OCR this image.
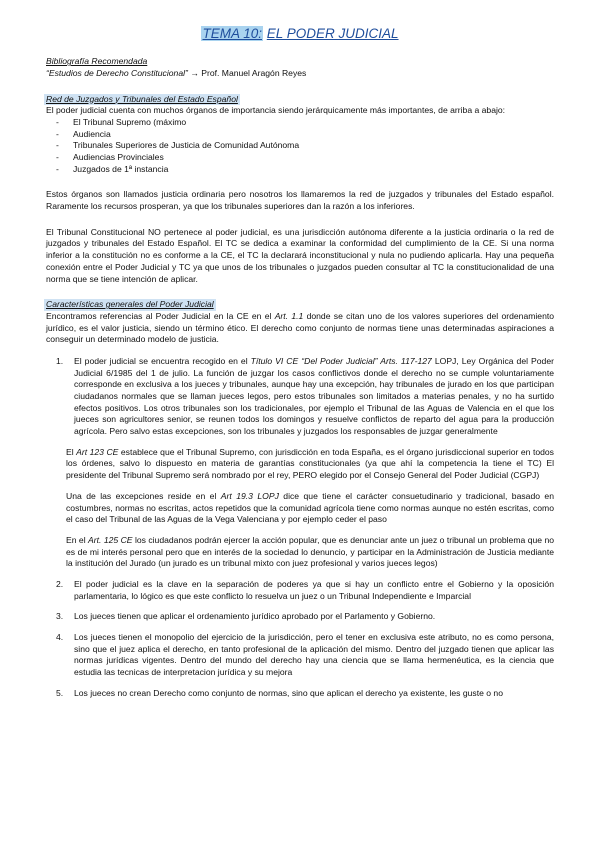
TEMA 10: EL PODER JUDICIAL

Bibliografía Recomendada

“Estudios de Derecho Constitucional” → Prof. Manuel Aragón Reyes

Red de Juzgados y Tribunales del Estado Español

El poder judicial cuenta con muchos órganos de importancia siendo jerárquicamente más importantes, de arriba a abajo:

- El Tribunal Supremo (máximo
- Audiencia
- Tribunales Superiores de Justicia de Comunidad Autónoma
- Audiencias Provinciales
- Juzgados de 1ª instancia

Estos órganos son llamados justicia ordinaria pero nosotros los llamaremos la red de juzgados y tribunales del Estado español. Raramente los recursos prosperan, ya que los tribunales superiores dan la razón a los inferiores.

El Tribunal Constitucional NO pertenece al poder judicial, es una jurisdicción autónoma diferente a la justicia ordinaria o la red de juzgados y tribunales del Estado Español. El TC se dedica a examinar la conformidad del cumplimiento de la CE. Si una norma inferior a la constitución no es conforme a la CE, el TC la declarará inconstitucional y nula no pudiendo aplicarla. Hay una pequeña conexión entre el Poder Judicial y TC ya que unos de los tribunales o juzgados pueden consultar al TC la constitucionalidad de una norma que se tiene intención de aplicar.

Características generales del Poder Judicial

Encontramos referencias al Poder Judicial en la CE en el Art. 1.1 donde se citan uno de los valores superiores del ordenamiento jurídico, es el valor justicia, siendo un término ético. El derecho como conjunto de normas tiene unas determinadas aspiraciones a conseguir un determinado modelo de justicia.

1. El poder judicial se encuentra recogido en el Título VI CE “Del Poder Judicial” Arts. 117-127 LOPJ, Ley Orgánica del Poder Judicial 6/1985 del 1 de julio. La función de juzgar los casos conflictivos donde el derecho no se cumple voluntariamente corresponde en exclusiva a los jueces y tribunales, aunque hay una excepción, hay tribunales de jurado en los que participan ciudadanos normales que se llaman jueces legos, pero estos tribunales son limitados a materias penales, y no ha surtido efectos positivos. Los otros tribunales son los tradicionales, por ejemplo el Tribunal de las Aguas de Valencia en el que los jueces son agricultores senior, se reunen todos los domingos y resuelve conflictos de reparto del agua para la producción agrícola. Pero salvo estas excepciones, son los tribunales y juzgados los responsables de juzgar generalmente

El Art 123 CE establece que el Tribunal Supremo, con jurisdicción en toda España, es el órgano jurisdiccional superior en todos los órdenes, salvo lo dispuesto en materia de garantías constitucionales (ya que ahí la competencia la tiene el TC) El presidente del Tribunal Supremo será nombrado por el rey, PERO elegido por el Consejo General del Poder Judicial (CGPJ)

Una de las excepciones reside en el Art 19.3 LOPJ dice que tiene el carácter consuetudinario y tradicional, basado en costumbres, normas no escritas, actos repetidos que la comunidad agrícola tiene como normas aunque no estén escritas, como el caso del Tribunal de las Aguas de la Vega Valenciana y por ejemplo ceder el paso

En el Art. 125 CE los ciudadanos podrán ejercer la acción popular, que es denunciar ante un juez o tribunal un problema que no es de mi interés personal pero que en interés de la sociedad lo denuncio, y participar en la Administración de Justicia mediante la institución del Jurado (un jurado es un tribunal mixto con juez profesional y varios jueces legos)

2. El poder judicial es la clave en la separación de poderes ya que si hay un conflicto entre el Gobierno y la oposición parlamentaria, lo lógico es que este conflicto lo resuelva un juez o un Tribunal Independiente e Imparcial

3. Los jueces tienen que aplicar el ordenamiento jurídico aprobado por el Parlamento y Gobierno.

4. Los jueces tienen el monopolio del ejercicio de la jurisdicción, pero el tener en exclusiva este atributo, no es como persona, sino que el juez aplica el derecho, en tanto profesional de la aplicación del mismo. Dentro del juzgado tienen que aplicar las normas jurídicas vigentes. Dentro del mundo del derecho hay una ciencia que se llama hermenéutica, es la ciencia que estudia las tecnicas de interpretacion jurídica y su mejora

5. Los jueces no crean Derecho como conjunto de normas, sino que aplican el derecho ya existente, les guste o no
